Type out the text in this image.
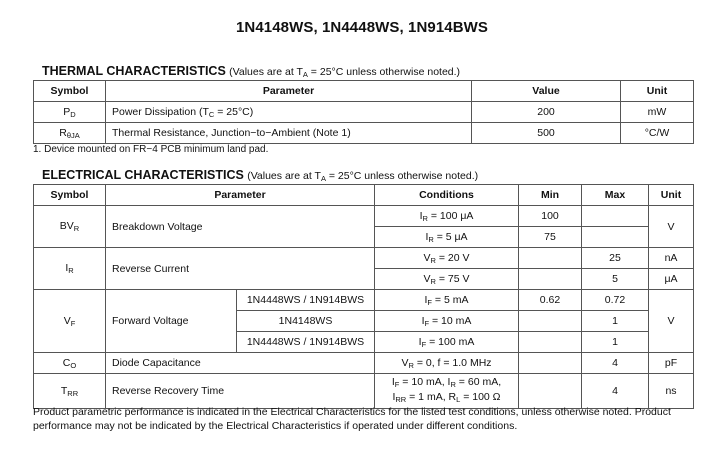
1N4148WS, 1N4448WS, 1N914BWS
THERMAL CHARACTERISTICS (Values are at $T_A = 25^\circ C$ unless otherwise noted.)
Symbol	Parameter	Value	Unit
$P_D$	Power Dissipation $(T_C = 25^\circ C)$	200	mW
$R_{\theta JA}$	Thermal Resistance, Junction−to−Ambient (Note 1)	500	°C/W
1. Device mounted on FR−4 PCB minimum land pad.
ELECTRICAL CHARACTERISTICS (Values are at $T_A = 25^\circ C$ unless otherwise noted.)
Symbol	Parameter		Conditions	Min	Max	Unit
$BV_R$	Breakdown Voltage		$I_R = 100$ μA	100		V
			$I_R = 5$ μA	75		
$I_R$	Reverse Current		$V_R = 20$ V		25	nA
			$V_R = 75$ V		5	μA
$V_F$	Forward Voltage	1N4448WS / 1N914BWS	$I_F = 5$ mA	0.62	0.72	V
		1N4148WS	$I_F = 10$ mA		1	
		1N4448WS / 1N914BWS	$I_F = 100$ mA		1	
$C_O$	Diode Capacitance		$V_R = 0$, f = 1.0 MHz		4	pF
$T_{RR}$	Reverse Recovery Time		$I_F = 10$ mA, $I_R = 60$ mA,
$I_{RR} = 1$ mA, $R_L = 100$ Ω		4	ns
Product parametric performance is indicated in the Electrical Characteristics for the listed test conditions, unless otherwise noted. Product
performance may not be indicated by the Electrical Characteristics if operated under different conditions.
